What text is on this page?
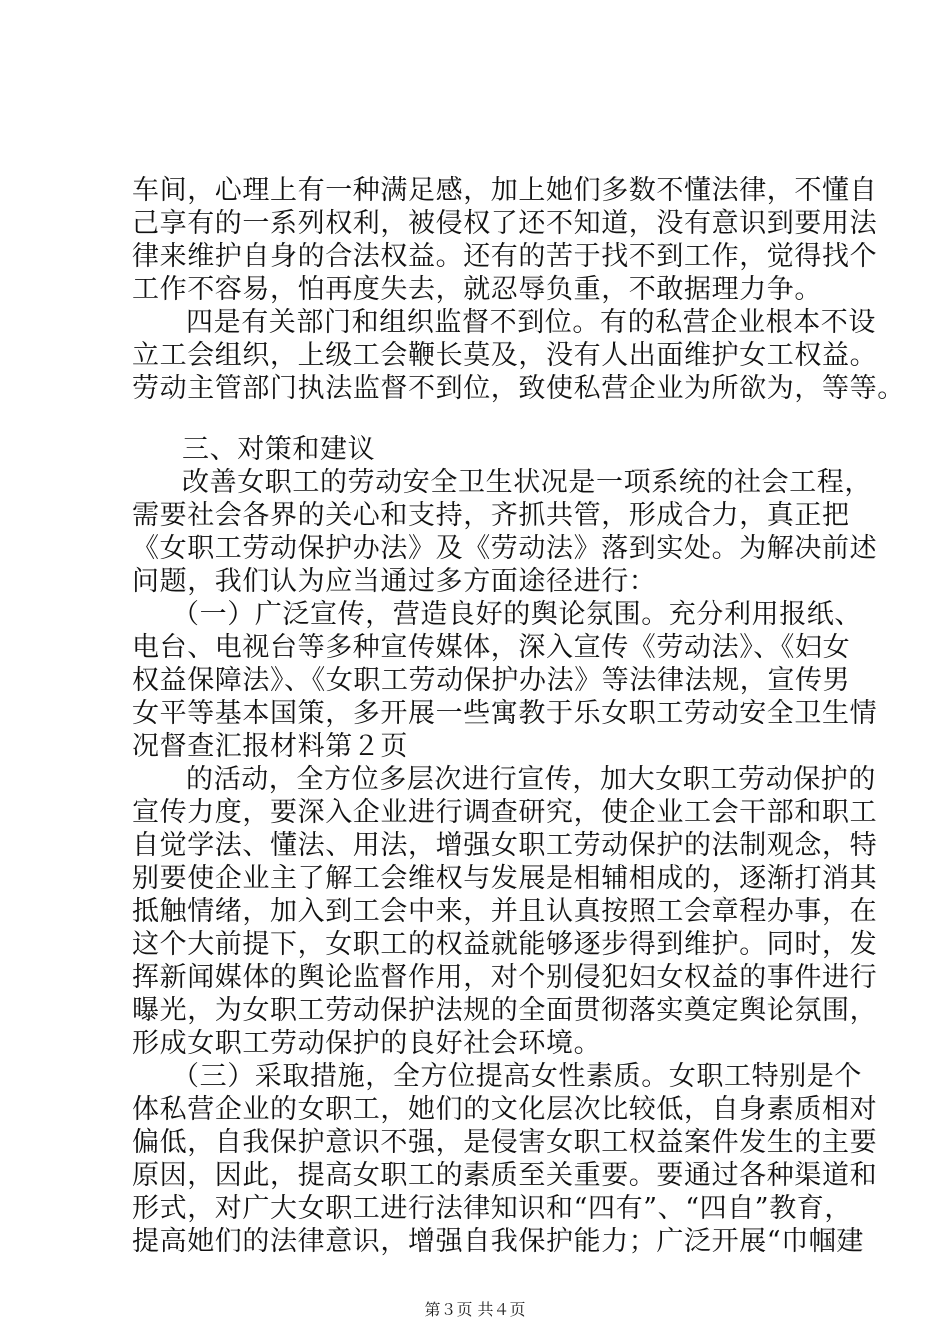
车间，心理上有一种满足感，加上她们多数不懂法律，不懂自
己享有的一系列权利，被侵权了还不知道，没有意识到要用法
律来维护自身的合法权益。还有的苦于找不到工作，觉得找个
工作不容易，怕再度失去，就忍辱负重，不敢据理力争。
四是有关部门和组织监督不到位。有的私营企业根本不设
立工会组织，上级工会鞭长莫及，没有人出面维护女工权益。
劳动主管部门执法监督不到位，致使私营企业为所欲为，等等。
三、对策和建议
改善女职工的劳动安全卫生状况是一项系统的社会工程，
需要社会各界的关心和支持，齐抓共管，形成合力，真正把
《女职工劳动保护办法》及《劳动法》落到实处。为解决前述
问题，我们认为应当通过多方面途径进行：
（一）广泛宣传，营造良好的舆论氛围。充分利用报纸、
电台、电视台等多种宣传媒体，深入宣传《劳动法》、《妇女
权益保障法》、《女职工劳动保护办法》等法律法规，宣传男
女平等基本国策，多开展一些寓教于乐女职工劳动安全卫生情
况督查汇报材料第２页
的活动，全方位多层次进行宣传，加大女职工劳动保护的
宣传力度，要深入企业进行调查研究，使企业工会干部和职工
自觉学法、懂法、用法，增强女职工劳动保护的法制观念，特
别要使企业主了解工会维权与发展是相辅相成的，逐渐打消其
抵触情绪，加入到工会中来，并且认真按照工会章程办事，在
这个大前提下，女职工的权益就能够逐步得到维护。同时，发
挥新闻媒体的舆论监督作用，对个别侵犯妇女权益的事件进行
曝光，为女职工劳动保护法规的全面贯彻落实奠定舆论氛围，
形成女职工劳动保护的良好社会环境。
（三）采取措施，全方位提高女性素质。女职工特别是个
体私营企业的女职工，她们的文化层次比较低，自身素质相对
偏低，自我保护意识不强，是侵害女职工权益案件发生的主要
原因，因此，提高女职工的素质至关重要。要通过各种渠道和
形式，对广大女职工进行法律知识和“四有”、“四自”教育，
提高她们的法律意识，增强自我保护能力；广泛开展“巾帼建
第３页 共４页
